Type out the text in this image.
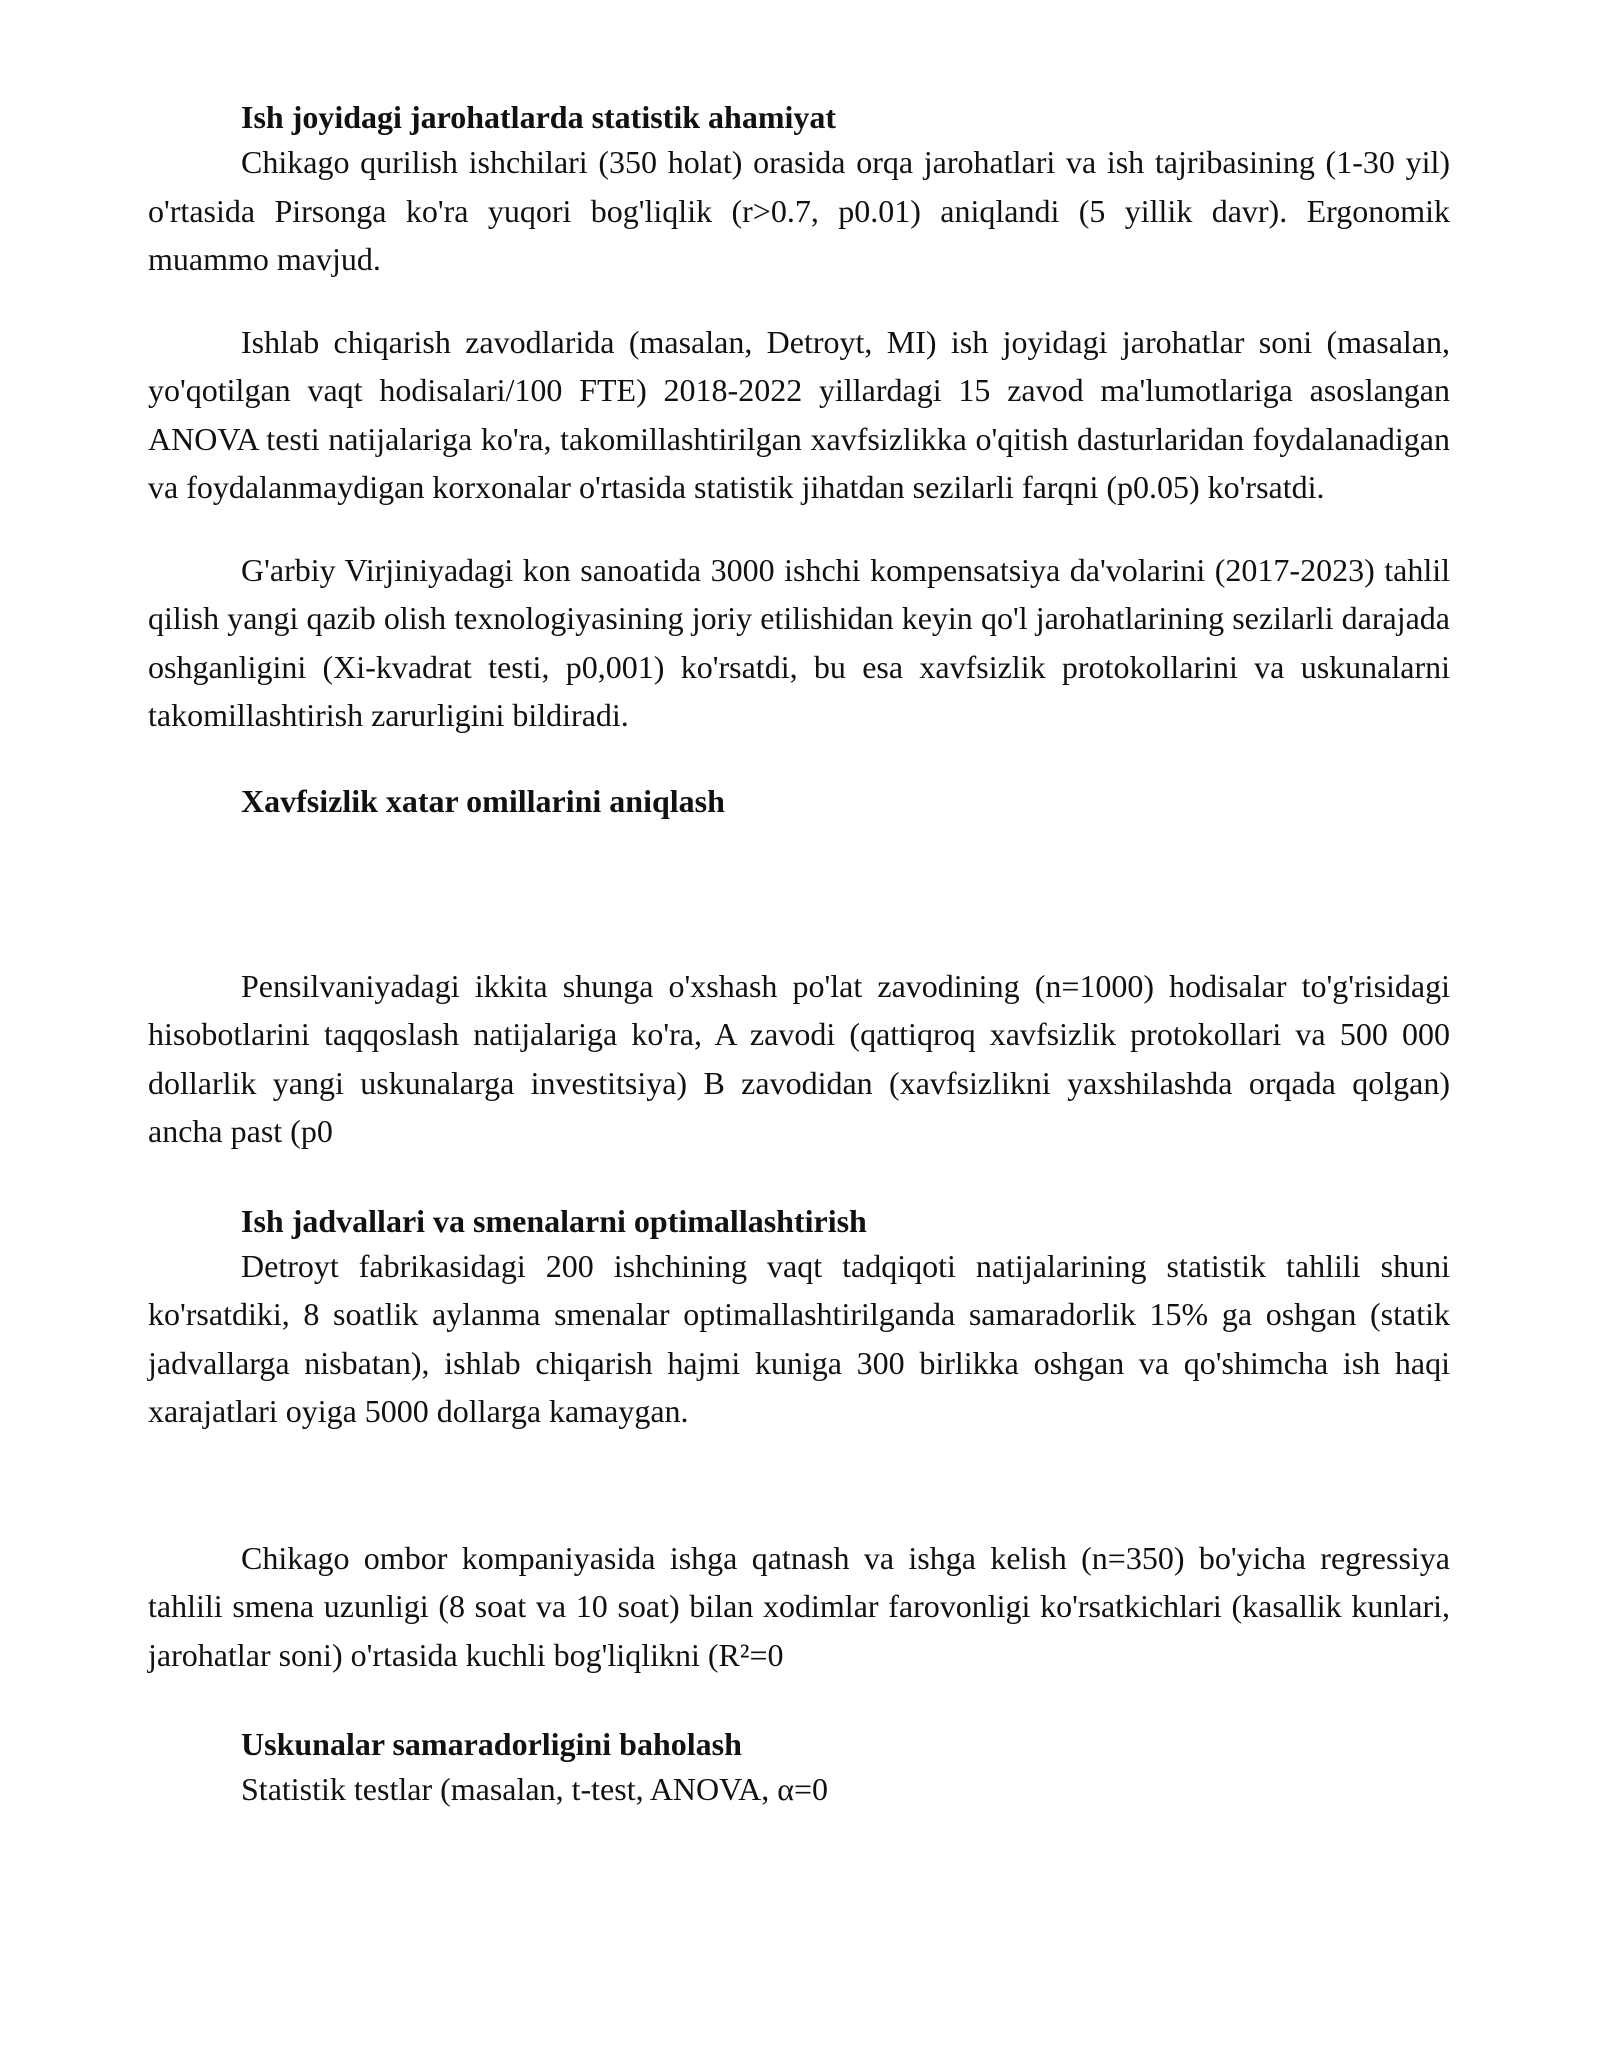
Ish joyidagi jarohatlarda statistik ahamiyat

Chikago qurilish ishchilari (350 holat) orasida orqa jarohatlari va ish tajribasining (1-30 yil) o'rtasida Pirsonga ko'ra yuqori bog'liqlik (r>0.7, p0.01) aniqlandi (5 yillik davr). Ergonomik muammo mavjud.

Ishlab chiqarish zavodlarida (masalan, Detroyt, MI) ish joyidagi jarohatlar soni (masalan, yo'qotilgan vaqt hodisalari/100 FTE) 2018-2022 yillardagi 15 zavod ma'lumotlariga asoslangan ANOVA testi natijalariga ko'ra, takomillashtirilgan xavfsizlikka o'qitish dasturlaridan foydalanadigan va foydalanmaydigan korxonalar o'rtasida statistik jihatdan sezilarli farqni (p0.05) ko'rsatdi.

G'arbiy Virjiniyadagi kon sanoatida 3000 ishchi kompensatsiya da'volarini (2017-2023) tahlil qilish yangi qazib olish texnologiyasining joriy etilishidan keyin qo'l jarohatlarining sezilarli darajada oshganligini (Xi-kvadrat testi, p0,001) ko'rsatdi, bu esa xavfsizlik protokollarini va uskunalarni takomillashtirish zarurligini bildiradi.

Xavfsizlik xatar omillarini aniqlash

Pensilvaniyadagi ikkita shunga o'xshash po'lat zavodining (n=1000) hodisalar to'g'risidagi hisobotlarini taqqoslash natijalariga ko'ra, A zavodi (qattiqroq xavfsizlik protokollari va 500 000 dollarlik yangi uskunalarga investitsiya) B zavodidan (xavfsizlikni yaxshilashda orqada qolgan) ancha past (p0

Ish jadvallari va smenalarni optimallashtirish

Detroyt fabrikasidagi 200 ishchining vaqt tadqiqoti natijalarining statistik tahlili shuni ko'rsatdiki, 8 soatlik aylanma smenalar optimallashtirilganda samaradorlik 15% ga oshgan (statik jadvallarga nisbatan), ishlab chiqarish hajmi kuniga 300 birlikka oshgan va qo'shimcha ish haqi xarajatlari oyiga 5000 dollarga kamaygan.

Chikago ombor kompaniyasida ishga qatnash va ishga kelish (n=350) bo'yicha regressiya tahlili smena uzunligi (8 soat va 10 soat) bilan xodimlar farovonligi ko'rsatkichlari (kasallik kunlari, jarohatlar soni) o'rtasida kuchli bog'liqlikni (R²=0

Uskunalar samaradorligini baholash

Statistik testlar (masalan, t-test, ANOVA, α=0
